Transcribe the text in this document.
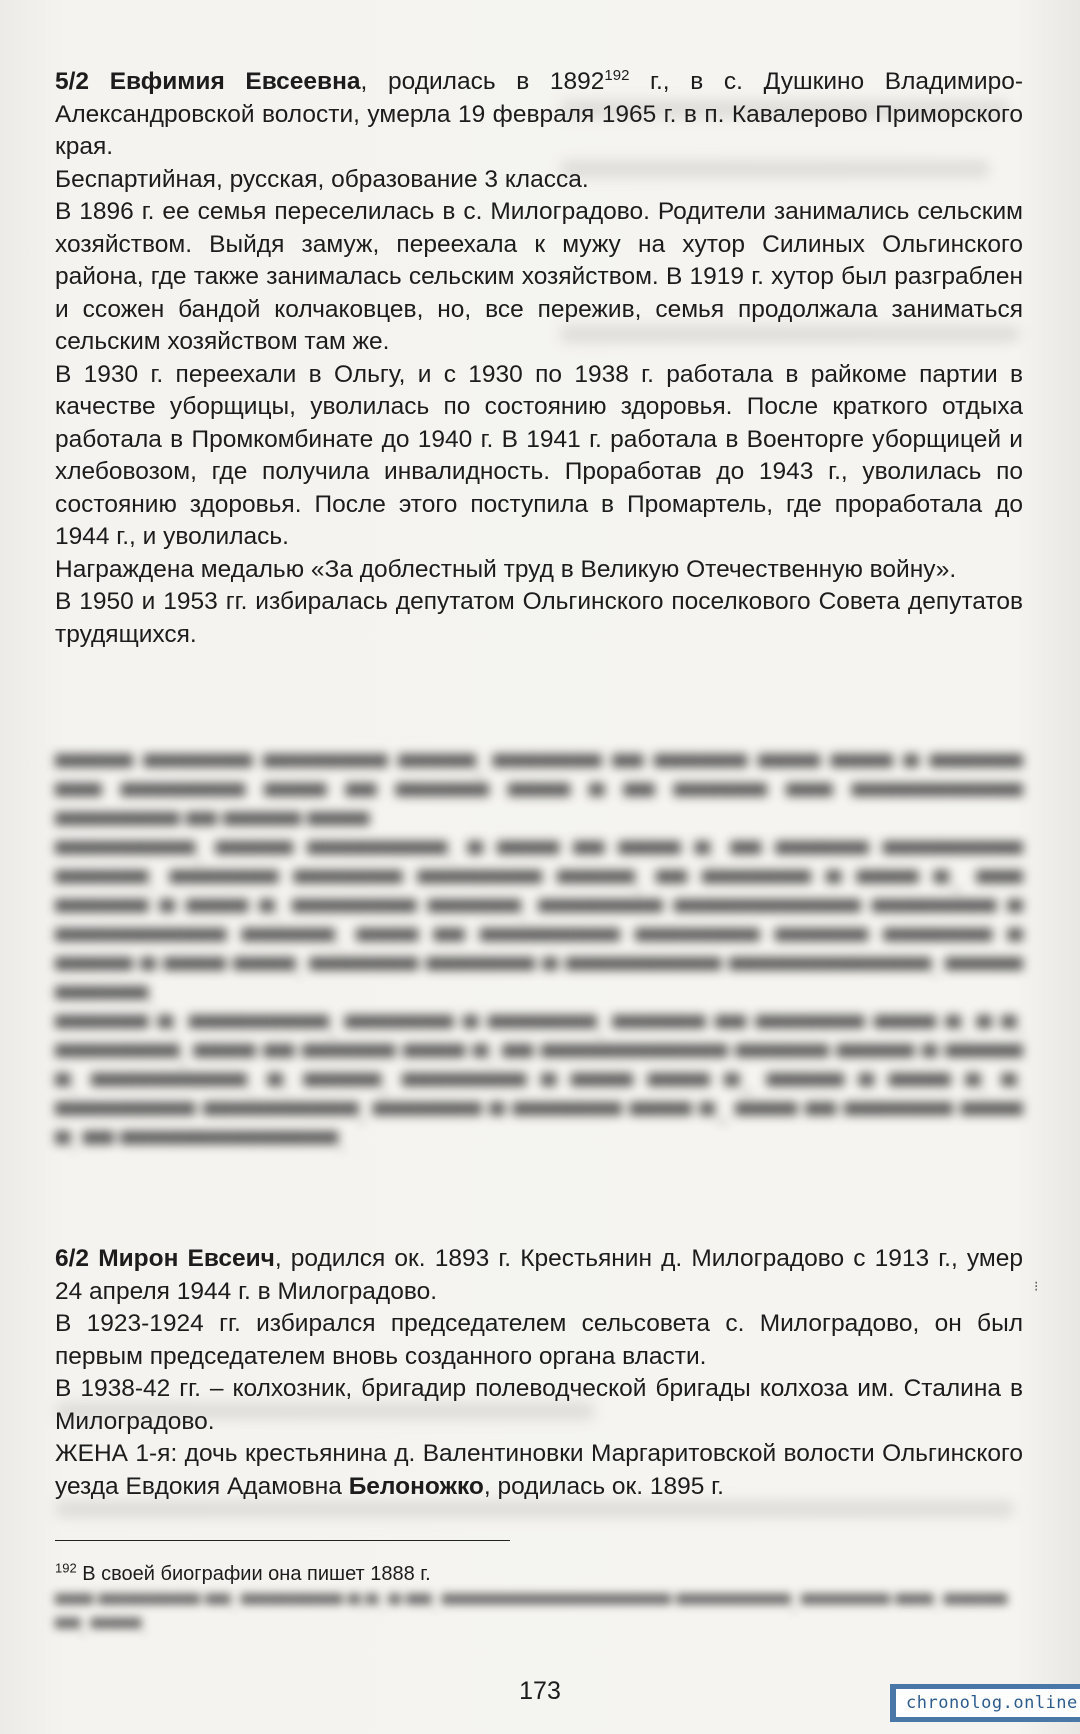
5/2 Евфимия Евсеевна, родилась в 1892$^{192}$ г., в с. Душкино Владимиро-Александровской волости, умерла 19 февраля 1965 г. в п. Кавалерово Приморского края.

Беспартийная, русская, образование 3 класса.

В 1896 г. ее семья переселилась в с. Милоградово. Родители занимались сельским хозяйством. Выйдя замуж, переехала к мужу на хутор Силиных Ольгинского района, где также занималась сельским хозяйством. В 1919 г. хутор был разграблен и ссожен бандой колчаковцев, но, все пережив, семья продолжала заниматься сельским хозяйством там же.

В 1930 г. переехали в Ольгу, и с 1930 по 1938 г. работала в райкоме партии в качестве уборщицы, уволилась по состоянию здоровья. После краткого отдыха работала в Промкомбинате до 1940 г. В 1941 г. работала в Военторге уборщицей и хлебовозом, где получила инвалидность. Проработав до 1943 г., уволилась по состоянию здоровья. После этого поступила в Промартель, где проработала до 1944 г., и уволилась.

Награждена медалью «За доблестный труд в Великую Отечественную войну».

В 1950 и 1953 гг. избиралась депутатом Ольгинского поселкового Совета депутатов трудящихся.

▀▀▀▀▀ ▀▀▀▀▀▀▀ ▀▀▀▀▀▀▀▀ ▀▀▀▀▀, ▀▀▀▀▀▀▀ ▀▀ ▀▀▀▀▀▀ ▀▀▀▀ ▀▀▀▀ ▀ ▀▀▀▀▀▀ ▀▀▀ ▀▀▀▀▀▀▀▀ ▀▀▀▀ ▀▀ ▀▀▀▀▀▀ ▀▀▀▀ ▀ ▀▀ ▀▀▀▀▀▀ ▀▀▀ ▀▀▀▀▀▀▀▀▀▀▀ ▀▀▀▀▀▀▀▀ ▀▀ ▀▀▀▀▀ ▀▀▀▀

▀▀▀▀▀▀▀▀▀, ▀▀▀▀▀ ▀▀▀▀▀▀▀▀▀. ▀ ▀▀▀▀ ▀▀ ▀▀▀▀ ▀. ▀▀ ▀▀▀▀▀▀ ▀▀▀▀▀▀▀▀▀ ▀▀▀▀▀▀. ▀▀▀▀▀▀▀ ▀▀▀▀▀▀▀ ▀▀▀▀▀▀▀▀ ▀▀▀▀▀, ▀▀ ▀▀▀▀▀▀▀ ▀ ▀▀▀▀ ▀., ▀▀▀ ▀▀▀▀▀▀ ▀ ▀▀▀▀ ▀. ▀▀▀▀▀▀▀▀ ▀▀▀▀▀▀. ▀▀▀▀▀▀▀▀ ▀▀▀▀▀▀▀▀▀▀▀▀ ▀▀▀▀▀▀▀▀ ▀ ▀▀▀▀▀▀▀▀▀▀▀ ▀▀▀▀▀▀. ▀▀▀▀ ▀▀ ▀▀▀▀▀▀▀▀▀ ▀▀▀▀▀▀▀▀ ▀▀▀▀▀▀ ▀▀▀▀▀▀▀ ▀ ▀▀▀▀▀ ▀ ▀▀▀▀ ▀▀▀▀. ▀▀▀▀▀▀▀ ▀▀▀▀▀▀▀ ▀ ▀▀▀▀▀▀▀▀▀▀ ▀▀▀▀▀▀▀▀▀▀▀▀▀. ▀▀▀▀▀ ▀▀▀▀▀▀.

▀▀▀▀▀▀ ▀. ▀▀▀▀▀▀▀▀▀, ▀▀▀▀▀▀▀ ▀ ▀▀▀▀▀▀▀, ▀▀▀▀▀▀ ▀▀ ▀▀▀▀▀▀▀ ▀▀▀▀ ▀. ▀ ▀. ▀▀▀▀▀▀▀▀, ▀▀▀▀ ▀▀ ▀▀▀▀▀▀ ▀▀▀▀ ▀. ▀▀ ▀▀▀▀▀▀▀▀▀▀▀▀ ▀▀▀▀▀▀ ▀▀▀▀▀ ▀ ▀▀▀▀▀ ▀. ▀▀▀▀▀▀▀▀▀▀. ▀. ▀▀▀▀▀, ▀▀▀▀▀▀▀▀ ▀ ▀▀▀▀ ▀▀▀▀ ▀., ▀▀▀▀▀ ▀ ▀▀▀▀ ▀. ▀. ▀▀▀▀▀▀▀▀▀ ▀▀▀▀▀▀▀▀▀▀, ▀▀▀▀▀▀▀ ▀ ▀▀▀▀▀▀▀ ▀▀▀▀ ▀., ▀▀▀▀ ▀▀ ▀▀▀▀▀▀▀ ▀▀▀▀ ▀. ▀▀ ▀▀▀▀▀▀▀▀▀▀▀▀▀▀.

6/2 Мирон Евсеич, родился ок. 1893 г. Крестьянин д. Милоградово с 1913 г., умер 24 апреля 1944 г. в Милоградово.

В 1923-1924 гг. избирался председателем сельсовета с. Милоградово, он был первым председателем вновь созданного органа власти.

В 1938-42 гг. – колхозник, бригадир полеводческой бригады колхоза им. Сталина в Милоградово.

ЖЕНА 1-я: дочь крестьянина д. Валентиновки Маргаритовской волости Ольгинского уезда Евдокия Адамовна Белоножко, родилась ок. 1895 г.

⁝
$^{192}$ В своей биографии она пишет 1888 г.
▀▀▀ ▀▀▀▀▀▀▀▀ ▀▀. ▀▀▀▀▀▀▀▀ ▀.▀. ▀ ▀▀. ▀▀▀▀▀▀▀▀▀▀▀▀▀▀▀▀▀▀ ▀▀▀▀▀▀▀▀▀, ▀▀▀▀▀▀▀ ▀▀▀. ▀▀▀▀▀ ▀▀, ▀▀▀▀.
173	chronolog.online
